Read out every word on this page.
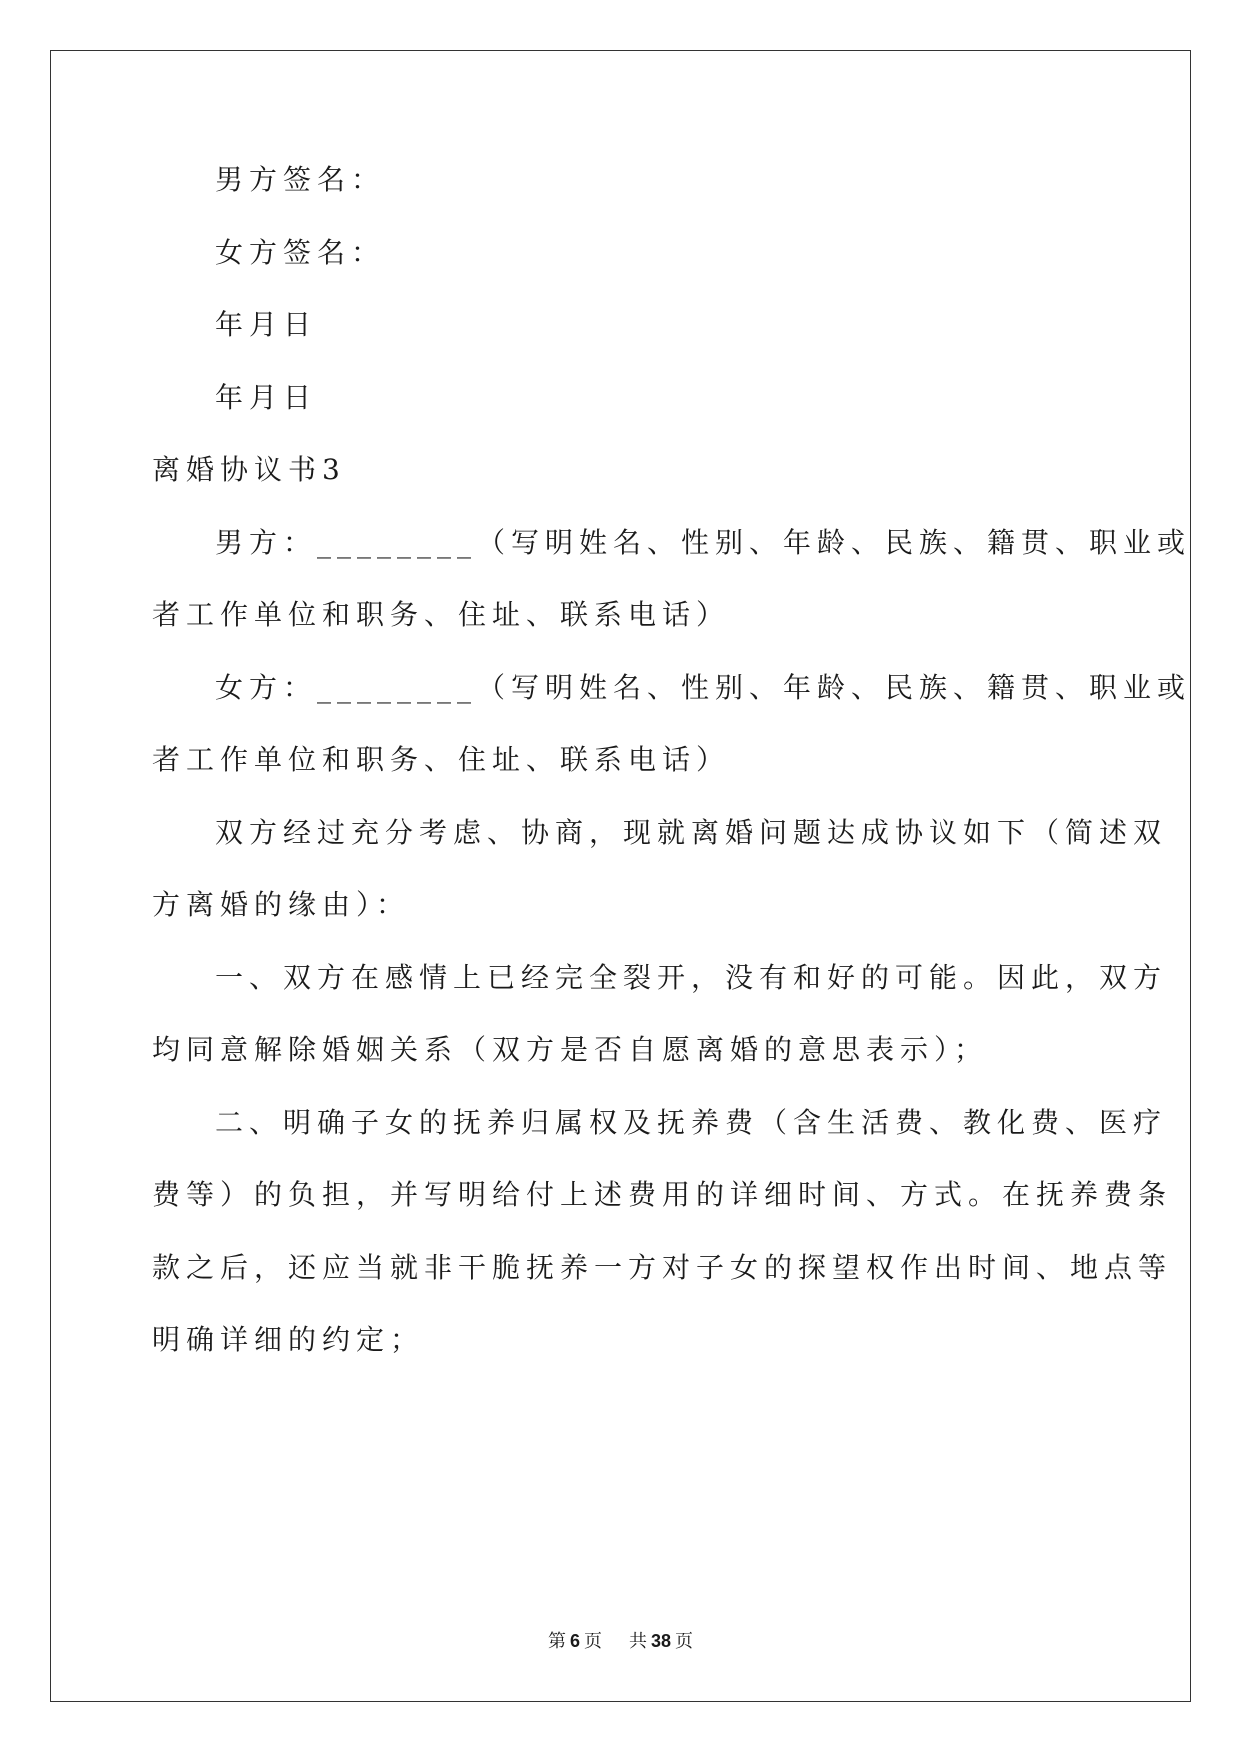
男方签名：
女方签名：
年月日
年月日
离婚协议书3
男方：________（写明姓名、性别、年龄、民族、籍贯、职业或
者工作单位和职务、住址、联系电话）
女方：________（写明姓名、性别、年龄、民族、籍贯、职业或
者工作单位和职务、住址、联系电话）
双方经过充分考虑、协商，现就离婚问题达成协议如下（简述双
方离婚的缘由）：
一、双方在感情上已经完全裂开，没有和好的可能。因此，双方
均同意解除婚姻关系（双方是否自愿离婚的意思表示）；
二、明确子女的抚养归属权及抚养费（含生活费、教化费、医疗
费等）的负担，并写明给付上述费用的详细时间、方式。在抚养费条
款之后，还应当就非干脆抚养一方对子女的探望权作出时间、地点等
明确详细的约定；
第 6 页 共 38 页
